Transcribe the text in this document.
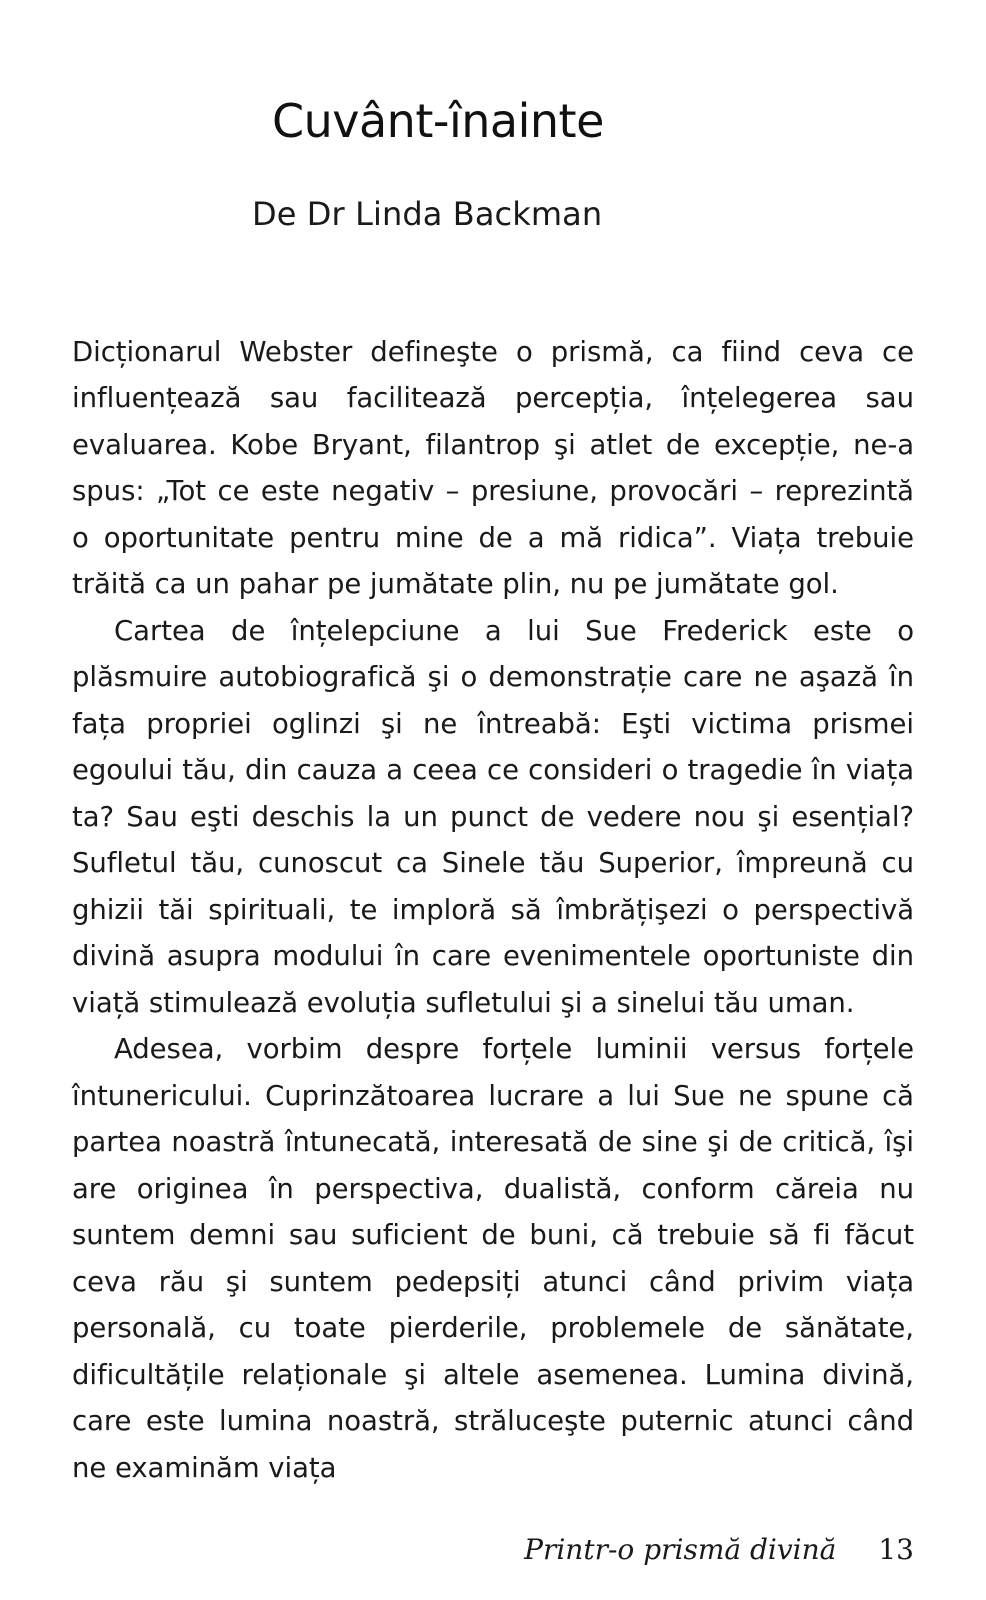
Cuvânt-înainte
De Dr Linda Backman

Dicționarul Webster defineşte o prismă, ca fiind ceva ce influențează sau facilitează percepția, înțelegerea sau evaluarea. Kobe Bryant, filantrop şi atlet de excepție, ne-a spus: „Tot ce este negativ – presiune, provocări – reprezintă o oportunitate pentru mine de a mă ridica”. Viața trebuie trăită ca un pahar pe jumătate plin, nu pe jumătate gol.

Cartea de înțelepciune a lui Sue Frederick este o plăsmuire autobiografică şi o demonstrație care ne aşază în fața propriei oglinzi şi ne întreabă: Eşti victima prismei egoului tău, din cauza a ceea ce consideri o tragedie în viața ta? Sau eşti deschis la un punct de vedere nou şi esențial? Sufletul tău, cunoscut ca Sinele tău Superior, împreună cu ghizii tăi spirituali, te imploră să îmbrățişezi o perspectivă divină asupra modului în care evenimentele oportuniste din viață stimulează evoluția sufletului şi a sinelui tău uman.

Adesea, vorbim despre forțele luminii versus forțele întunericului. Cuprinzătoarea lucrare a lui Sue ne spune că partea noastră întunecată, interesată de sine şi de critică, îşi are originea în perspectiva, dualistă, conform căreia nu suntem demni sau suficient de buni, că trebuie să fi făcut ceva rău şi suntem pedepsiți atunci când privim viața personală, cu toate pierderile, problemele de sănătate, dificultățile relaționale şi altele asemenea. Lumina divină, care este lumina noastră, străluceşte puternic atunci când ne examinăm viața

Printr-o prismă divină 13
